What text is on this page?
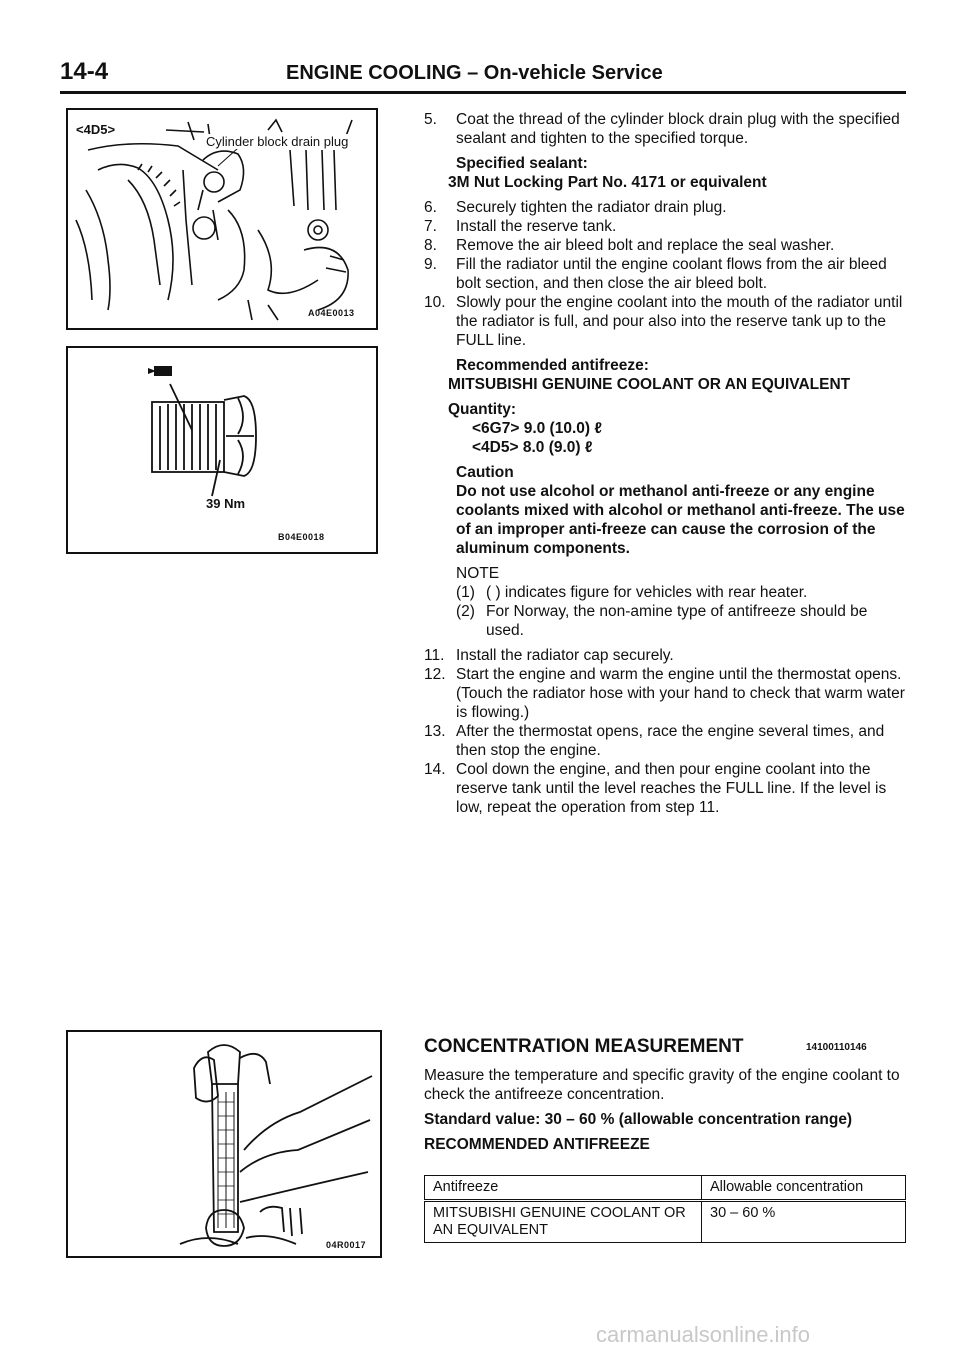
14-4	ENGINE COOLING – On-vehicle Service
<4D5>
Cylinder block drain plug
A04E0013
39 Nm
B04E0018
04R0017
5.	Coat the thread of the cylinder block drain plug with the specified sealant and tighten to the specified torque.
Specified sealant:
3M Nut Locking Part No. 4171 or equivalent
6.	Securely tighten the radiator drain plug.
7.	Install the reserve tank.
8.	Remove the air bleed bolt and replace the seal washer.
9.	Fill the radiator until the engine coolant flows from the air bleed bolt section, and then close the air bleed bolt.
10. Slowly pour the engine coolant into the mouth of the radiator until the radiator is full, and pour also into the reserve tank up to the FULL line.
Recommended antifreeze:
MITSUBISHI GENUINE COOLANT OR AN EQUIVALENT
Quantity:
<6G7> 9.0 (10.0) ℓ
<4D5> 8.0 (9.0) ℓ
Caution
Do not use alcohol or methanol anti-freeze or any engine coolants mixed with alcohol or methanol anti-freeze. The use of an improper anti-freeze can cause the corrosion of the aluminum components.
NOTE
(1) ( ) indicates figure for vehicles with rear heater.
(2) For Norway, the non-amine type of antifreeze should be used.
11. Install the radiator cap securely.
12. Start the engine and warm the engine until the thermostat opens. (Touch the radiator hose with your hand to check that warm water is flowing.)
13. After the thermostat opens, race the engine several times, and then stop the engine.
14. Cool down the engine, and then pour engine coolant into the reserve tank until the level reaches the FULL line. If the level is low, repeat the operation from step 11.
CONCENTRATION MEASUREMENT	14100110146
Measure the temperature and specific gravity of the engine coolant to check the antifreeze concentration.
Standard value: 30 – 60 % (allowable concentration range)
RECOMMENDED ANTIFREEZE
Antifreeze	Allowable concentration
MITSUBISHI GENUINE COOLANT OR AN EQUIVALENT	30 – 60 %
carmanualsonline.info
